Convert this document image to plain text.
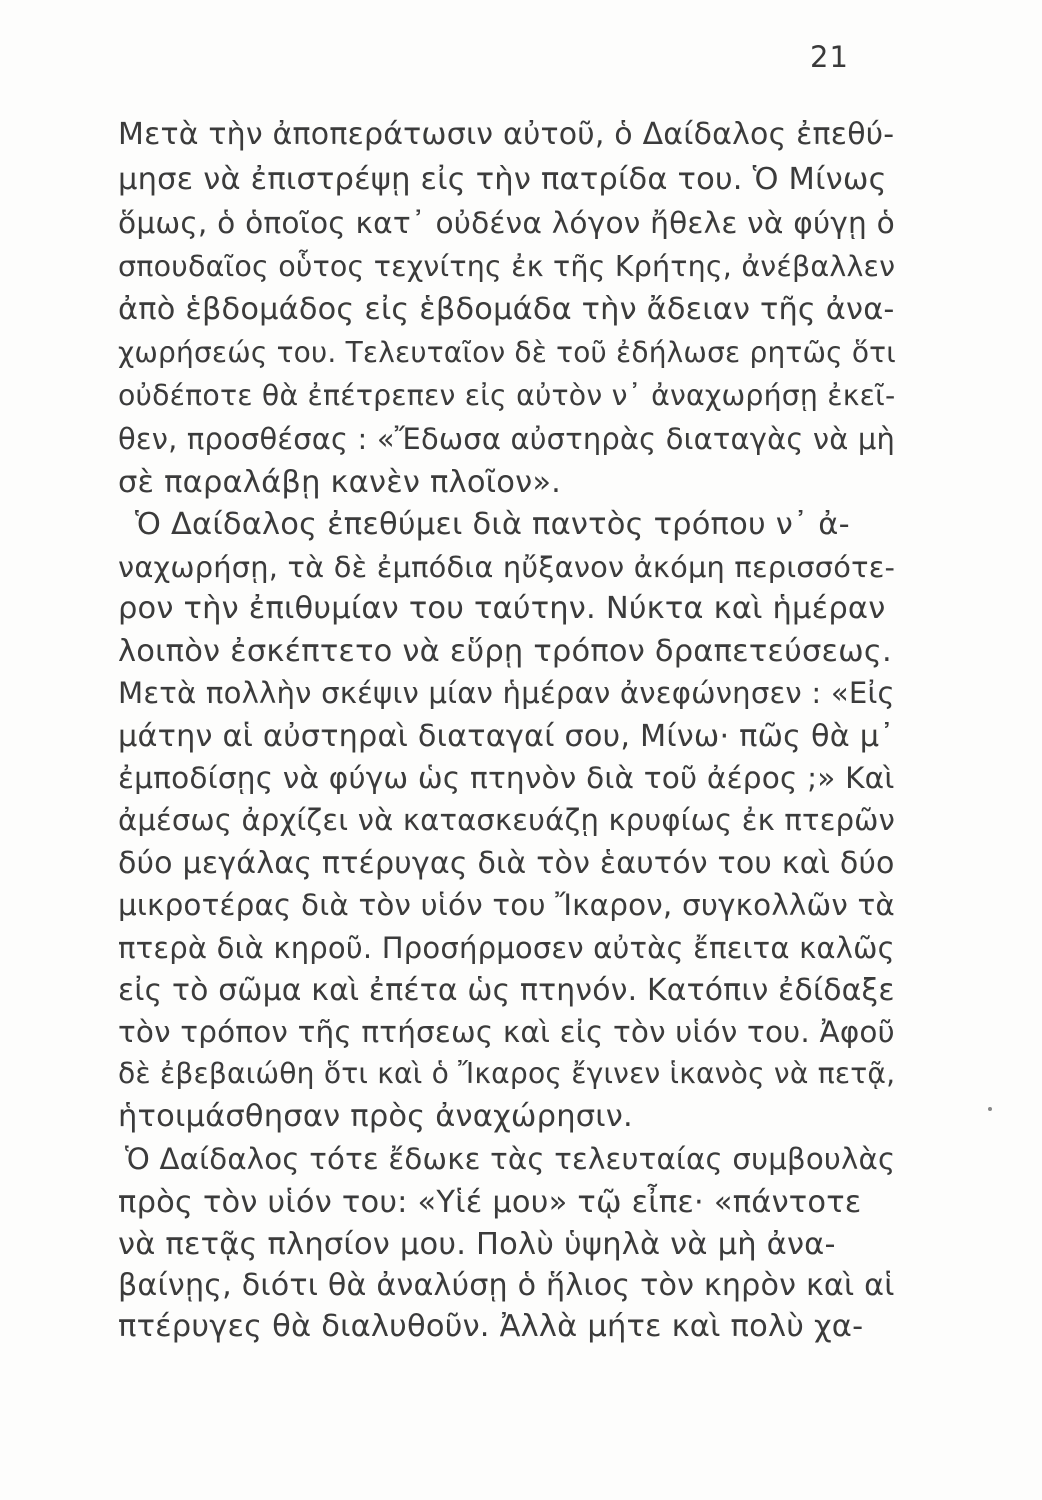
21
Μετὰ τὴν ἀποπεράτωσιν αὐτοῦ, ὁ Δαίδαλος ἐπεθύ-
μησε νὰ ἐπιστρέψῃ εἰς τὴν πατρίδα του. Ὁ Μίνως
ὅμως, ὁ ὁποῖος κατ᾽ οὐδένα λόγον ἤθελε νὰ φύγῃ ὁ
σπουδαῖος οὗτος τεχνίτης ἐκ τῆς Κρήτης, ἀνέβαλλεν
ἀπὸ ἑβδομάδος εἰς ἑβδομάδα τὴν ἄδειαν τῆς ἀνα-
χωρήσεώς του. Τελευταῖον δὲ τοῦ ἐδήλωσε ρητῶς ὅτι
οὐδέποτε θὰ ἐπέτρεπεν εἰς αὐτὸν ν᾽ ἀναχωρήσῃ ἐκεῖ-
θεν, προσθέσας : «Ἔδωσα αὐστηρὰς διαταγὰς νὰ μὴ
σὲ παραλάβῃ κανὲν πλοῖον».
Ὁ Δαίδαλος ἐπεθύμει διὰ παντὸς τρόπου ν᾽ ἀ-
ναχωρήσῃ, τὰ δὲ ἐμπόδια ηὔξανον ἀκόμη περισσότε-
ρον τὴν ἐπιθυμίαν του ταύτην. Νύκτα καὶ ἡμέραν
λοιπὸν ἐσκέπτετο νὰ εὕρῃ τρόπον δραπετεύσεως.
Μετὰ πολλὴν σκέψιν μίαν ἡμέραν ἀνεφώνησεν : «Εἰς
μάτην αἱ αὐστηραὶ διαταγαί σου, Μίνω· πῶς θὰ μ᾽
ἐμποδίσῃς νὰ φύγω ὡς πτηνὸν διὰ τοῦ ἀέρος ;» Καὶ
ἀμέσως ἀρχίζει νὰ κατασκευάζῃ κρυφίως ἐκ πτερῶν
δύο μεγάλας πτέρυγας διὰ τὸν ἑαυτόν του καὶ δύο
μικροτέρας διὰ τὸν υἱόν του Ἴκαρον, συγκολλῶν τὰ
πτερὰ διὰ κηροῦ. Προσήρμοσεν αὐτὰς ἔπειτα καλῶς
εἰς τὸ σῶμα καὶ ἐπέτα ὡς πτηνόν. Κατόπιν ἐδίδαξε
τὸν τρόπον τῆς πτήσεως καὶ εἰς τὸν υἱόν του. Ἀφοῦ
δὲ ἐβεβαιώθη ὅτι καὶ ὁ Ἴκαρος ἔγινεν ἱκανὸς νὰ πετᾷ,
ἡτοιμάσθησαν πρὸς ἀναχώρησιν.
Ὁ Δαίδαλος τότε ἔδωκε τὰς τελευταίας συμβουλὰς
πρὸς τὸν υἱόν του: «Υἱέ μου» τῷ εἶπε· «πάντοτε
νὰ πετᾷς πλησίον μου. Πολὺ ὑψηλὰ νὰ μὴ ἀνα-
βαίνῃς, διότι θὰ ἀναλύσῃ ὁ ἥλιος τὸν κηρὸν καὶ αἱ
πτέρυγες θὰ διαλυθοῦν. Ἀλλὰ μήτε καὶ πολὺ χα-
